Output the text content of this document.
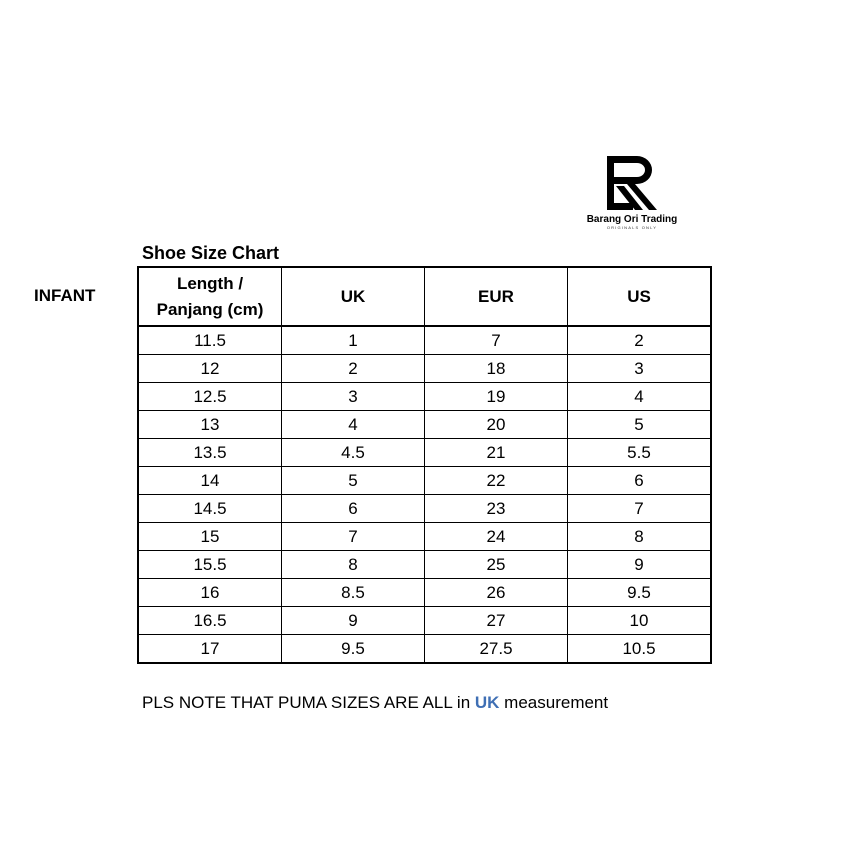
Barang Ori Trading
ORIGINALS ONLY
Shoe Size Chart
INFANT
Length /
Panjang (cm)	UK	EUR	US
11.5	1	7	2
12	2	18	3
12.5	3	19	4
13	4	20	5
13.5	4.5	21	5.5
14	5	22	6
14.5	6	23	7
15	7	24	8
15.5	8	25	9
16	8.5	26	9.5
16.5	9	27	10
17	9.5	27.5	10.5
PLS NOTE THAT PUMA SIZES ARE ALL in UK measurement
